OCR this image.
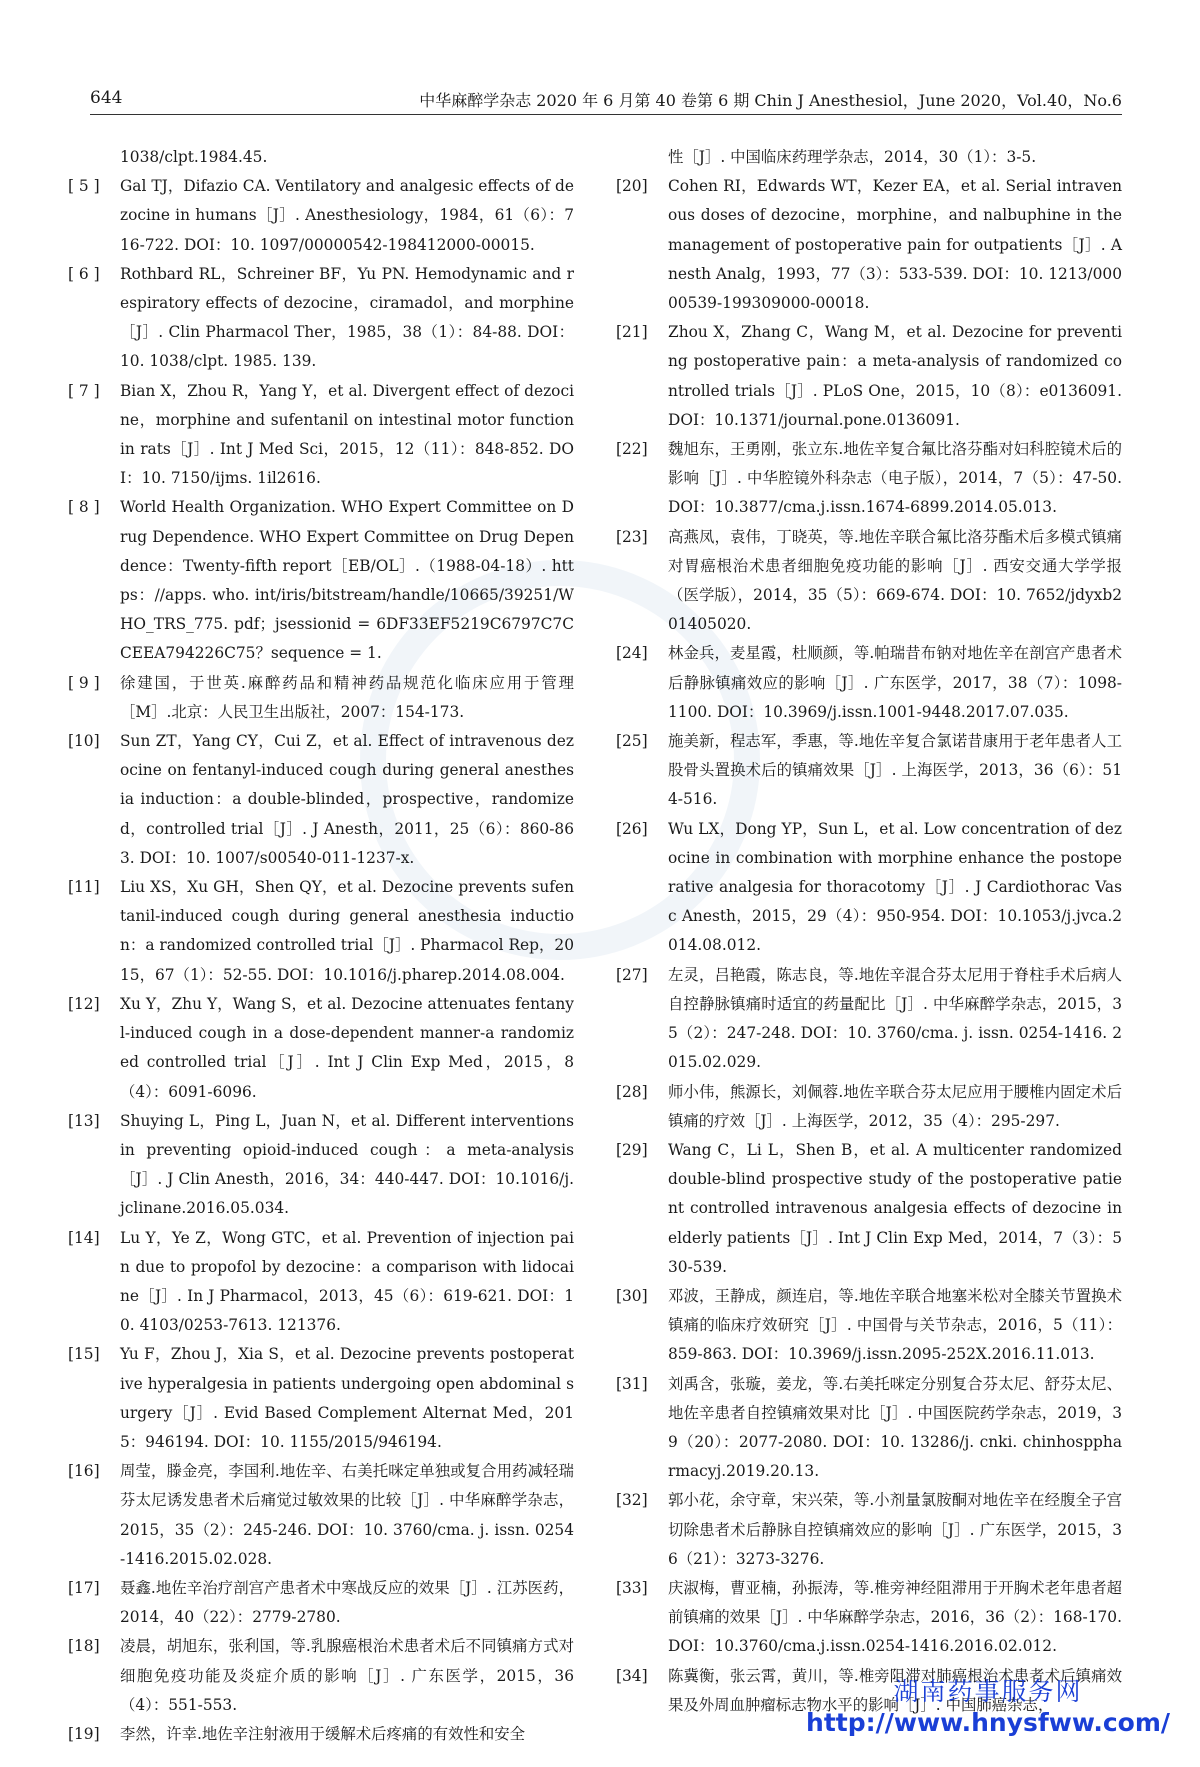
644	中华麻醉学杂志 2020 年 6 月第 40 卷第 6 期 Chin J Anesthesiol，June 2020，Vol.40，No.6
1038/clpt.1984.45.
[ 5 ]	Gal TJ，Difazio CA. Ventilatory and analgesic effects of dezocine in humans［J］. Anesthesiology，1984，61（6）：716-722. DOI：10. 1097/00000542-198412000-00015.
[ 6 ]	Rothbard RL，Schreiner BF，Yu PN. Hemodynamic and respiratory effects of dezocine，ciramadol，and morphine［J］. Clin Pharmacol Ther，1985，38（1）：84-88. DOI：10. 1038/clpt. 1985. 139.
[ 7 ]	Bian X，Zhou R，Yang Y，et al. Divergent effect of dezocine，morphine and sufentanil on intestinal motor function in rats［J］. Int J Med Sci，2015，12（11）：848-852. DOI：10. 7150/ijms. 1il2616.
[ 8 ]	World Health Organization. WHO Expert Committee on Drug Dependence. WHO Expert Committee on Drug Dependence：Twenty-fifth report［EB/OL］.（1988-04-18）. https：//apps. who. int/iris/bitstream/handle/10665/39251/WHO_TRS_775. pdf；jsessionid = 6DF33EF5219C6797C7CCEEA794226C75？sequence = 1.
[ 9 ]	徐建国，于世英.麻醉药品和精神药品规范化临床应用于管理［M］.北京：人民卫生出版社，2007：154-173.
[10]	Sun ZT，Yang CY，Cui Z，et al. Effect of intravenous dezocine on fentanyl-induced cough during general anesthesia induction：a double-blinded，prospective，randomized，controlled trial［J］. J Anesth，2011，25（6）：860-863. DOI：10. 1007/s00540-011-1237-x.
[11]	Liu XS，Xu GH，Shen QY，et al. Dezocine prevents sufentanil-induced cough during general anesthesia induction：a randomized controlled trial［J］. Pharmacol Rep，2015，67（1）：52-55. DOI：10.1016/j.pharep.2014.08.004.
[12]	Xu Y，Zhu Y，Wang S，et al. Dezocine attenuates fentanyl-induced cough in a dose-dependent manner-a randomized controlled trial［J］. Int J Clin Exp Med，2015，8（4）：6091-6096.
[13]	Shuying L，Ping L，Juan N，et al. Different interventions in preventing opioid-induced cough：a meta-analysis［J］. J Clin Anesth，2016，34：440-447. DOI：10.1016/j.jclinane.2016.05.034.
[14]	Lu Y，Ye Z，Wong GTC，et al. Prevention of injection pain due to propofol by dezocine：a comparison with lidocaine［J］. In J Pharmacol，2013，45（6）：619-621. DOI：10. 4103/0253-7613. 121376.
[15]	Yu F，Zhou J，Xia S，et al. Dezocine prevents postoperative hyperalgesia in patients undergoing open abdominal surgery［J］. Evid Based Complement Alternat Med，2015：946194. DOI：10. 1155/2015/946194.
[16]	周莹，滕金亮，李国利.地佐辛、右美托咪定单独或复合用药减轻瑞芬太尼诱发患者术后痛觉过敏效果的比较［J］. 中华麻醉学杂志，2015，35（2）：245-246. DOI：10. 3760/cma. j. issn. 0254-1416.2015.02.028.
[17]	聂鑫.地佐辛治疗剖宫产患者术中寒战反应的效果［J］. 江苏医药，2014，40（22）：2779-2780.
[18]	凌晨，胡旭东，张利国，等.乳腺癌根治术患者术后不同镇痛方式对细胞免疫功能及炎症介质的影响［J］. 广东医学，2015，36（4）：551-553.
[19]	李然，许幸.地佐辛注射液用于缓解术后疼痛的有效性和安全
性［J］. 中国临床药理学杂志，2014，30（1）：3-5.
[20]	Cohen RI，Edwards WT，Kezer EA，et al. Serial intravenous doses of dezocine，morphine，and nalbuphine in the management of postoperative pain for outpatients［J］. Anesth Analg，1993，77（3）：533-539. DOI：10. 1213/00000539-199309000-00018.
[21]	Zhou X，Zhang C，Wang M，et al. Dezocine for preventing postoperative pain：a meta-analysis of randomized controlled trials［J］. PLoS One，2015，10（8）：e0136091. DOI：10.1371/journal.pone.0136091.
[22]	魏旭东，王勇刚，张立东.地佐辛复合氟比洛芬酯对妇科腔镜术后的影响［J］. 中华腔镜外科杂志（电子版），2014，7（5）：47-50. DOI：10.3877/cma.j.issn.1674-6899.2014.05.013.
[23]	高燕凤，袁伟，丁晓英，等.地佐辛联合氟比洛芬酯术后多模式镇痛对胃癌根治术患者细胞免疫功能的影响［J］. 西安交通大学学报（医学版），2014，35（5）：669-674. DOI：10. 7652/jdyxb201405020.
[24]	林金兵，麦星霞，杜顺颜，等.帕瑞昔布钠对地佐辛在剖宫产患者术后静脉镇痛效应的影响［J］. 广东医学，2017，38（7）：1098-1100. DOI：10.3969/j.issn.1001-9448.2017.07.035.
[25]	施美新，程志军，季惠，等.地佐辛复合氯诺昔康用于老年患者人工股骨头置换术后的镇痛效果［J］. 上海医学，2013，36（6）：514-516.
[26]	Wu LX，Dong YP，Sun L，et al. Low concentration of dezocine in combination with morphine enhance the postoperative analgesia for thoracotomy［J］. J Cardiothorac Vasc Anesth，2015，29（4）：950-954. DOI：10.1053/j.jvca.2014.08.012.
[27]	左灵，吕艳霞，陈志良，等.地佐辛混合芬太尼用于脊柱手术后病人自控静脉镇痛时适宜的药量配比［J］. 中华麻醉学杂志，2015，35（2）：247-248. DOI：10. 3760/cma. j. issn. 0254-1416. 2015.02.029.
[28]	师小伟，熊源长，刘佩蓉.地佐辛联合芬太尼应用于腰椎内固定术后镇痛的疗效［J］. 上海医学，2012，35（4）：295-297.
[29]	Wang C，Li L，Shen B，et al. A multicenter randomized double-blind prospective study of the postoperative patient controlled intravenous analgesia effects of dezocine in elderly patients［J］. Int J Clin Exp Med，2014，7（3）：530-539.
[30]	邓波，王静成，颜连启，等.地佐辛联合地塞米松对全膝关节置换术镇痛的临床疗效研究［J］. 中国骨与关节杂志，2016，5（11）：859-863. DOI：10.3969/j.issn.2095-252X.2016.11.013.
[31]	刘禹含，张璇，姜龙，等.右美托咪定分别复合芬太尼、舒芬太尼、地佐辛患者自控镇痛效果对比［J］. 中国医院药学杂志，2019，39（20）：2077-2080. DOI：10. 13286/j. cnki. chinhosppharmacyj.2019.20.13.
[32]	郭小花，余守章，宋兴荣，等.小剂量氯胺酮对地佐辛在经腹全子宫切除患者术后静脉自控镇痛效应的影响［J］. 广东医学，2015，36（21）：3273-3276.
[33]	庆淑梅，曹亚楠，孙振涛，等.椎旁神经阻滞用于开胸术老年患者超前镇痛的效果［J］. 中华麻醉学杂志，2016，36（2）：168-170. DOI：10.3760/cma.j.issn.0254-1416.2016.02.012.
[34]	陈冀衡，张云霄，黄川，等.椎旁阻滞对肺癌根治术患者术后镇痛效果及外周血肿瘤标志物水平的影响［J］. 中国肺癌杂志，
湖南药事服务网
http://www.hnysfww.com/
